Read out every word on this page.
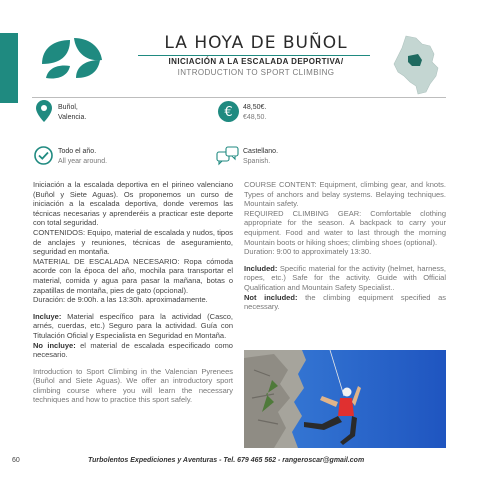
LA HOYA DE BUÑOL
INICIACIÓN A LA ESCALADA DEPORTIVA/
INTRODUCTION TO SPORT CLIMBING
Buñol,
Valencia.	€ 48,50€.
€48,50.
Todo el año.
All year around.
Castellano.
Spanish.

Iniciación a la escalada deportiva en el pirineo valenciano (Buñol y Siete Aguas). Os proponemos un curso de iniciación a la escalada deportiva, donde veremos las técnicas necesarias y aprenderéis a practicar este deporte con total seguridad.
CONTENIDOS: Equipo, material de escalada y nudos, tipos de anclajes y reuniones, técnicas de aseguramiento, seguridad en montaña.
MATERIAL DE ESCALADA NECESARIO: Ropa cómoda acorde con la época del año, mochila para transportar el material, comida y agua para pasar la mañana, botas o zapatillas de montaña, pies de gato (opcional).
Duración: de 9:00h. a las 13:30h. aproximadamente.

Incluye: Material específico para la actividad (Casco, arnés, cuerdas, etc.) Seguro para la actividad. Guía con Titulación Oficial y Especialista en Seguridad en Montaña.
No incluye: el material de escalada especificado como necesario.

Introduction to Sport Climbing in the Valencian Pyrenees (Buñol and Siete Aguas). We offer an introductory sport climbing course where you will learn the necessary techniques and how to practice this sport safely.

COURSE CONTENT: Equipment, climbing gear, and knots. Types of anchors and belay systems. Belaying techniques. Mountain safety.
REQUIRED CLIMBING GEAR: Comfortable clothing appropriate for the season. A backpack to carry your equipment. Food and water to last through the morning Mountain boots or hiking shoes; climbing shoes (optional).
Duration: 9:00 to approximately 13:30.

Included: Specific material for the activity (helmet, harness, ropes, etc.) Safe for the activity. Guide with Official Qualification and Mountain Safety Specialist..
Not included: the climbing equipment specified as necessary.

60	Turbolentos Expediciones y Aventuras - Tel. 679 465 562 - rangeroscar@gmail.com
